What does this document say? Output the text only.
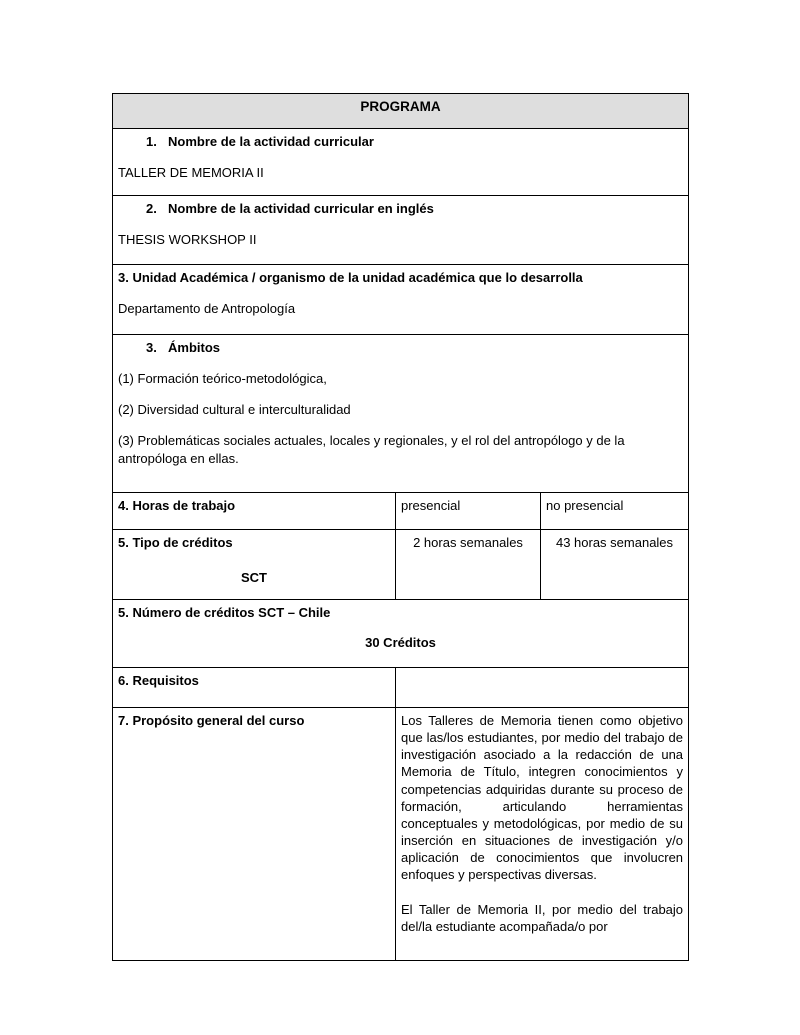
PROGRAMA		

1. Nombre de la actividad curricular

TALLER DE MEMORIA II		

2. Nombre de la actividad curricular en inglés

THESIS WORKSHOP II		

3. Unidad Académica / organismo de la unidad académica que lo desarrolla

Departamento de Antropología		

3. Ámbitos

(1) Formación teórico-metodológica,

(2) Diversidad cultural e interculturalidad

(3) Problemáticas sociales actuales, locales y regionales, y el rol del antropólogo y de la antropóloga en ellas.		

4. Horas de trabajo	presencial	no presencial

5. Tipo de créditos
SCT	2 horas semanales	43 horas semanales

5. Número de créditos SCT – Chile
30 Créditos		

6. Requisitos		
7. Propósito general del curso	Los Talleres de Memoria tienen como objetivo que las/los estudiantes, por medio del trabajo de investigación asociado a la redacción de una Memoria de Título, integren conocimientos y competencias adquiridas durante su proceso de formación, articulando herramientas conceptuales y metodológicas, por medio de su inserción en situaciones de investigación y/o aplicación de conocimientos que involucren enfoques y perspectivas diversas.

El Taller de Memoria II, por medio del trabajo del/la estudiante acompañada/o por	
